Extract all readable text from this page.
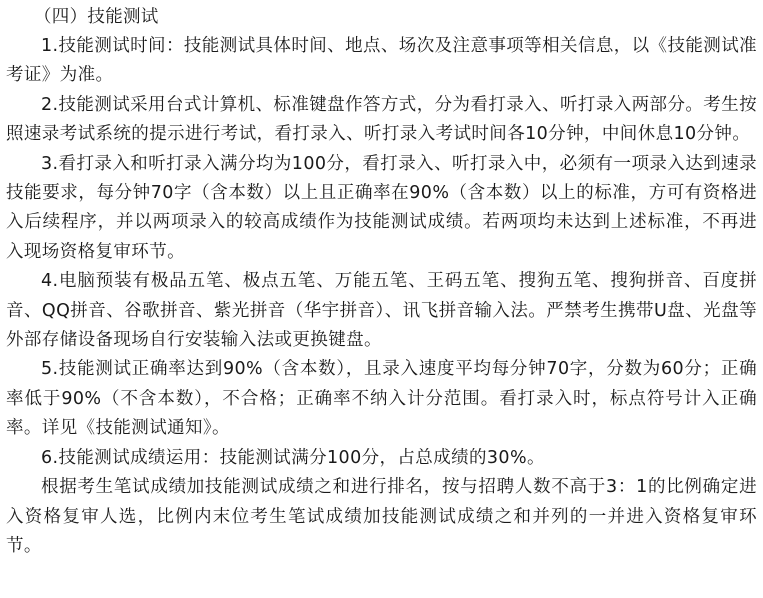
（四）技能测试

1.技能测试时间：技能测试具体时间、地点、场次及注意事项等相关信息，以《技能测试准考证》为准。

2.技能测试采用台式计算机、标准键盘作答方式，分为看打录入、听打录入两部分。考生按照速录考试系统的提示进行考试，看打录入、听打录入考试时间各10分钟，中间休息10分钟。

3.看打录入和听打录入满分均为100分，看打录入、听打录入中，必须有一项录入达到速录技能要求，每分钟70字（含本数）以上且正确率在90%（含本数）以上的标准，方可有资格进入后续程序，并以两项录入的较高成绩作为技能测试成绩。若两项均未达到上述标准，不再进入现场资格复审环节。

4.电脑预装有极品五笔、极点五笔、万能五笔、王码五笔、搜狗五笔、搜狗拼音、百度拼音、QQ拼音、谷歌拼音、紫光拼音（华宇拼音）、讯飞拼音输入法。严禁考生携带U盘、光盘等外部存储设备现场自行安装输入法或更换键盘。

5.技能测试正确率达到90%（含本数），且录入速度平均每分钟70字，分数为60分；正确率低于90%（不含本数），不合格；正确率不纳入计分范围。看打录入时，标点符号计入正确率。详见《技能测试通知》。

6.技能测试成绩运用：技能测试满分100分，占总成绩的30%。

根据考生笔试成绩加技能测试成绩之和进行排名，按与招聘人数不高于3：1的比例确定进入资格复审人选，比例内末位考生笔试成绩加技能测试成绩之和并列的一并进入资格复审环节。
